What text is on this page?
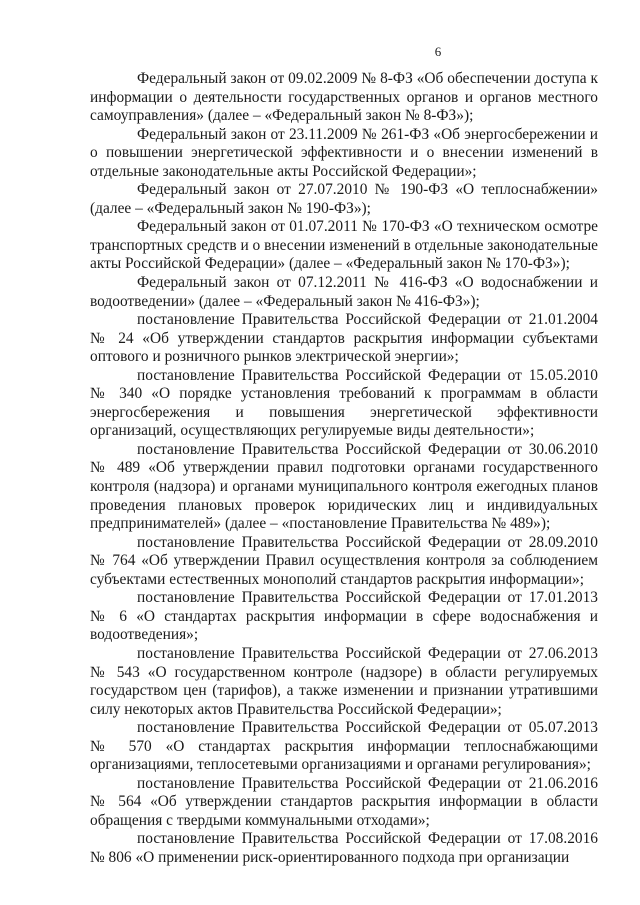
6

Федеральный закон от 09.02.2009 № 8-ФЗ «Об обеспечении доступа к информации о деятельности государственных органов и органов местного самоуправления» (далее – «Федеральный закон № 8-ФЗ»);

Федеральный закон от 23.11.2009 № 261-ФЗ «Об энергосбережении и о повышении энергетической эффективности и о внесении изменений в отдельные законодательные акты Российской Федерации»;

Федеральный закон от 27.07.2010 № 190-ФЗ «О теплоснабжении» (далее – «Федеральный закон № 190-ФЗ»);

Федеральный закон от 01.07.2011 № 170-ФЗ «О техническом осмотре транспортных средств и о внесении изменений в отдельные законодательные акты Российской Федерации» (далее – «Федеральный закон № 170-ФЗ»);

Федеральный закон от 07.12.2011 № 416-ФЗ «О водоснабжении и водоотведении» (далее – «Федеральный закон № 416-ФЗ»);

постановление Правительства Российской Федерации от 21.01.2004 № 24 «Об утверждении стандартов раскрытия информации субъектами оптового и розничного рынков электрической энергии»;

постановление Правительства Российской Федерации от 15.05.2010 № 340 «О порядке установления требований к программам в области энергосбережения и повышения энергетической эффективности организаций, осуществляющих регулируемые виды деятельности»;

постановление Правительства Российской Федерации от 30.06.2010 № 489 «Об утверждении правил подготовки органами государственного контроля (надзора) и органами муниципального контроля ежегодных планов проведения плановых проверок юридических лиц и индивидуальных предпринимателей» (далее – «постановление Правительства № 489»);

постановление Правительства Российской Федерации от 28.09.2010 № 764 «Об утверждении Правил осуществления контроля за соблюдением субъектами естественных монополий стандартов раскрытия информации»;

постановление Правительства Российской Федерации от 17.01.2013 № 6 «О стандартах раскрытия информации в сфере водоснабжения и водоотведения»;

постановление Правительства Российской Федерации от 27.06.2013 № 543 «О государственном контроле (надзоре) в области регулируемых государством цен (тарифов), а также изменении и признании утратившими силу некоторых актов Правительства Российской Федерации»;

постановление Правительства Российской Федерации от 05.07.2013 № 570 «О стандартах раскрытия информации теплоснабжающими организациями, теплосетевыми организациями и органами регулирования»;

постановление Правительства Российской Федерации от 21.06.2016 № 564 «Об утверждении стандартов раскрытия информации в области обращения с твердыми коммунальными отходами»;

постановление Правительства Российской Федерации от 17.08.2016 № 806 «О применении риск-ориентированного подхода при организации
